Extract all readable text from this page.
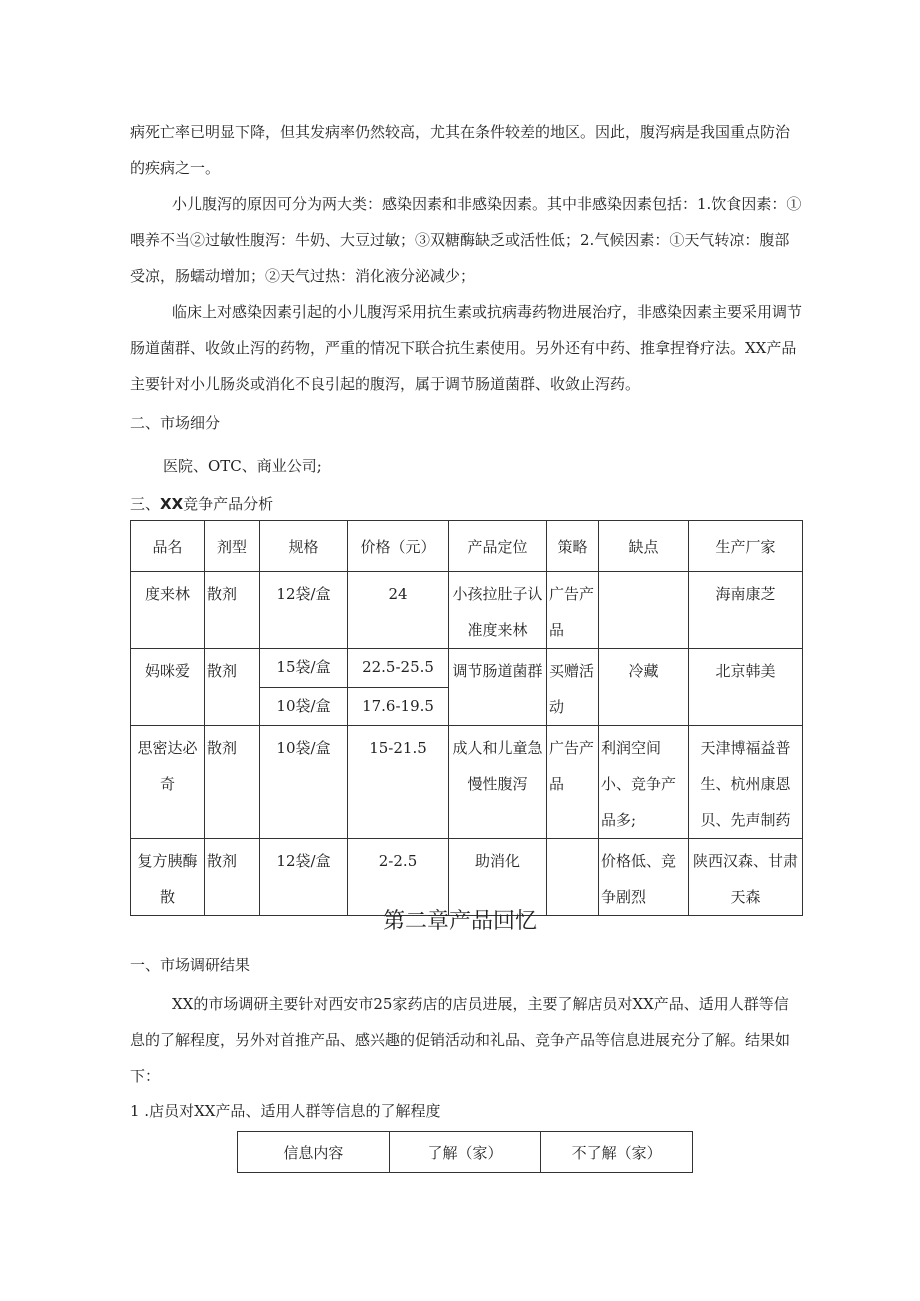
病死亡率已明显下降，但其发病率仍然较高，尤其在条件较差的地区。因此，腹泻病是我国重点防治的疾病之一。

小儿腹泻的原因可分为两大类：感染因素和非感染因素。其中非感染因素包括：1.饮食因素：①喂养不当②过敏性腹泻：牛奶、大豆过敏；③双糖酶缺乏或活性低；2.气候因素：①天气转凉：腹部受凉，肠蠕动增加；②天气过热：消化液分泌减少；

临床上对感染因素引起的小儿腹泻采用抗生素或抗病毒药物进展治疗，非感染因素主要采用调节肠道菌群、收敛止泻的药物，严重的情况下联合抗生素使用。另外还有中药、推拿捏脊疗法。XX产品主要针对小儿肠炎或消化不良引起的腹泻，属于调节肠道菌群、收敛止泻药。

二、市场细分

医院、OTC、商业公司;

三、XX竞争产品分析

品名	剂型	规格	价格（元）	产品定位	策略	缺点	生产厂家

度来林	散剂	12袋/盒	24	小孩拉肚子认准度来林	广告产品		海南康芝

妈咪爱	散剂	15袋/盒	22.5-25.5	调节肠道菌群	买赠活动	冷藏	北京韩美

		10袋/盒	17.6-19.5				

思密达必奇	散剂	10袋/盒	15-21.5	成人和儿童急慢性腹泻	广告产品	利润空间小、竞争产品多;	天津博福益普生、杭州康恩贝、先声制药

复方胰酶散	散剂	12袋/盒	2-2.5	助消化		价格低、竞争剧烈	陕西汉森、甘肃天森

第二章产品回忆

一、市场调研结果

XX的市场调研主要针对西安市25家药店的店员进展，主要了解店员对XX产品、适用人群等信息的了解程度，另外对首推产品、感兴趣的促销活动和礼品、竞争产品等信息进展充分了解。结果如下：

1 .店员对XX产品、适用人群等信息的了解程度

信息内容	了解（家）	不了解（家）
